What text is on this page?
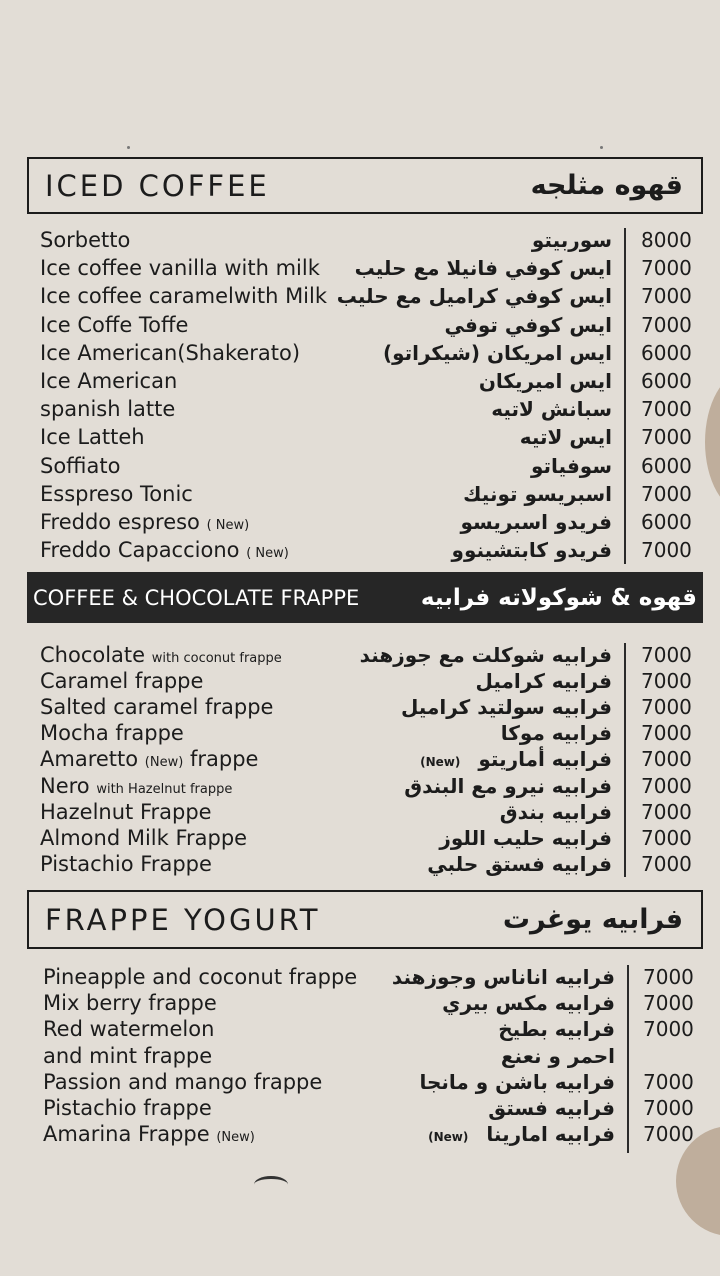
ICED COFFEE	قهوه مثلجه
Sorbetto	سوربيتو 8000
Ice coffee vanilla with milk ايس كوفي فانيلا مع حليب 7000
Ice coffee caramelwith Milk ايس كوفي كراميل مع حليب 7000
Ice Coffe Toffe	ايس كوفي توفي 7000
Ice American(Shakerato)	ايس امريكان (شيكراتو) 6000
Ice American	ايس اميريكان 6000
spanish latte	سبانش لاتيه 7000
Ice Latteh	ايس لاتيه 7000
Soffiato	سوفياتو 6000
Esspreso Tonic	اسبريسو تونيك 7000
Freddo espreso ( New)	فريدو اسبريسو 6000
Freddo Capacciono ( New)	فريدو كابتشينوو 7000
COFFEE & CHOCOLATE FRAPPE	قهوه & شوكولاته فرابيه
Chocolate with coconut frappe	فرابيه شوكلت مع جوزهند 7000
Caramel frappe	فرابيه كراميل 7000
Salted caramel frappe	فرابيه سولتيد كراميل 7000
Mocha frappe	فرابيه موكا 7000
Amaretto (New) frappe	فرابيه أماريتو(New)	7000
Nero with Hazelnut frappe	فرابيه نيرو مع البندق 7000
Hazelnut Frappe	فرابيه بندق 7000
Almond Milk Frappe	فرابيه حليب اللوز 7000
Pistachio Frappe	فرابيه فستق حلبي 7000
FRAPPE YOGURT	فرابيه يوغرت
Pineapple and coconut frappe فرابيه اناناس وجوزهند 7000
Mix berry frappe	فرابيه مكس بيري 7000
Red watermelon	فرابيه بطيخ 7000
and mint frappe	احمر و نعنع
Passion and mango frappe	فرابيه باشن و مانجا 7000
Pistachio frappe	فرابيه فستق 7000
Amarina Frappe (New)	فرابيه امارينا(New)	7000
